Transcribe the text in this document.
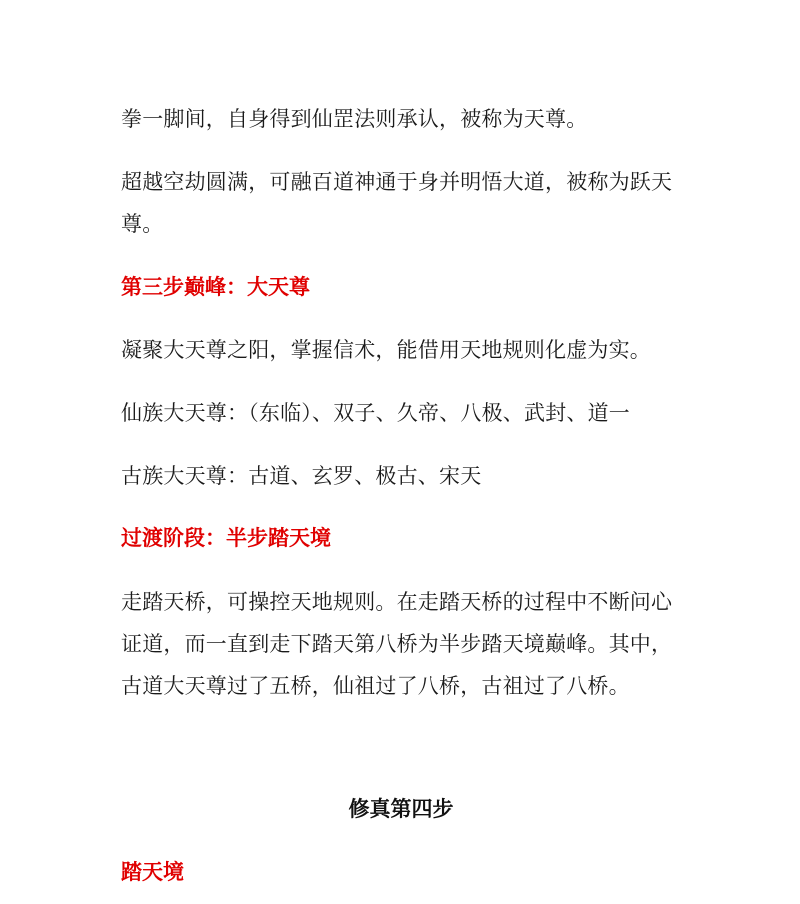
拳一脚间，自身得到仙罡法则承认，被称为天尊。

超越空劫圆满，可融百道神通于身并明悟大道，被称为跃天尊。

第三步巅峰：大天尊

凝聚大天尊之阳，掌握信术，能借用天地规则化虚为实。

仙族大天尊：（东临）、双子、久帝、八极、武封、道一

古族大天尊：古道、玄罗、极古、宋天

过渡阶段：半步踏天境

走踏天桥，可操控天地规则。在走踏天桥的过程中不断问心证道，而一直到走下踏天第八桥为半步踏天境巅峰。其中，古道大天尊过了五桥，仙祖过了八桥，古祖过了八桥。

修真第四步

踏天境
